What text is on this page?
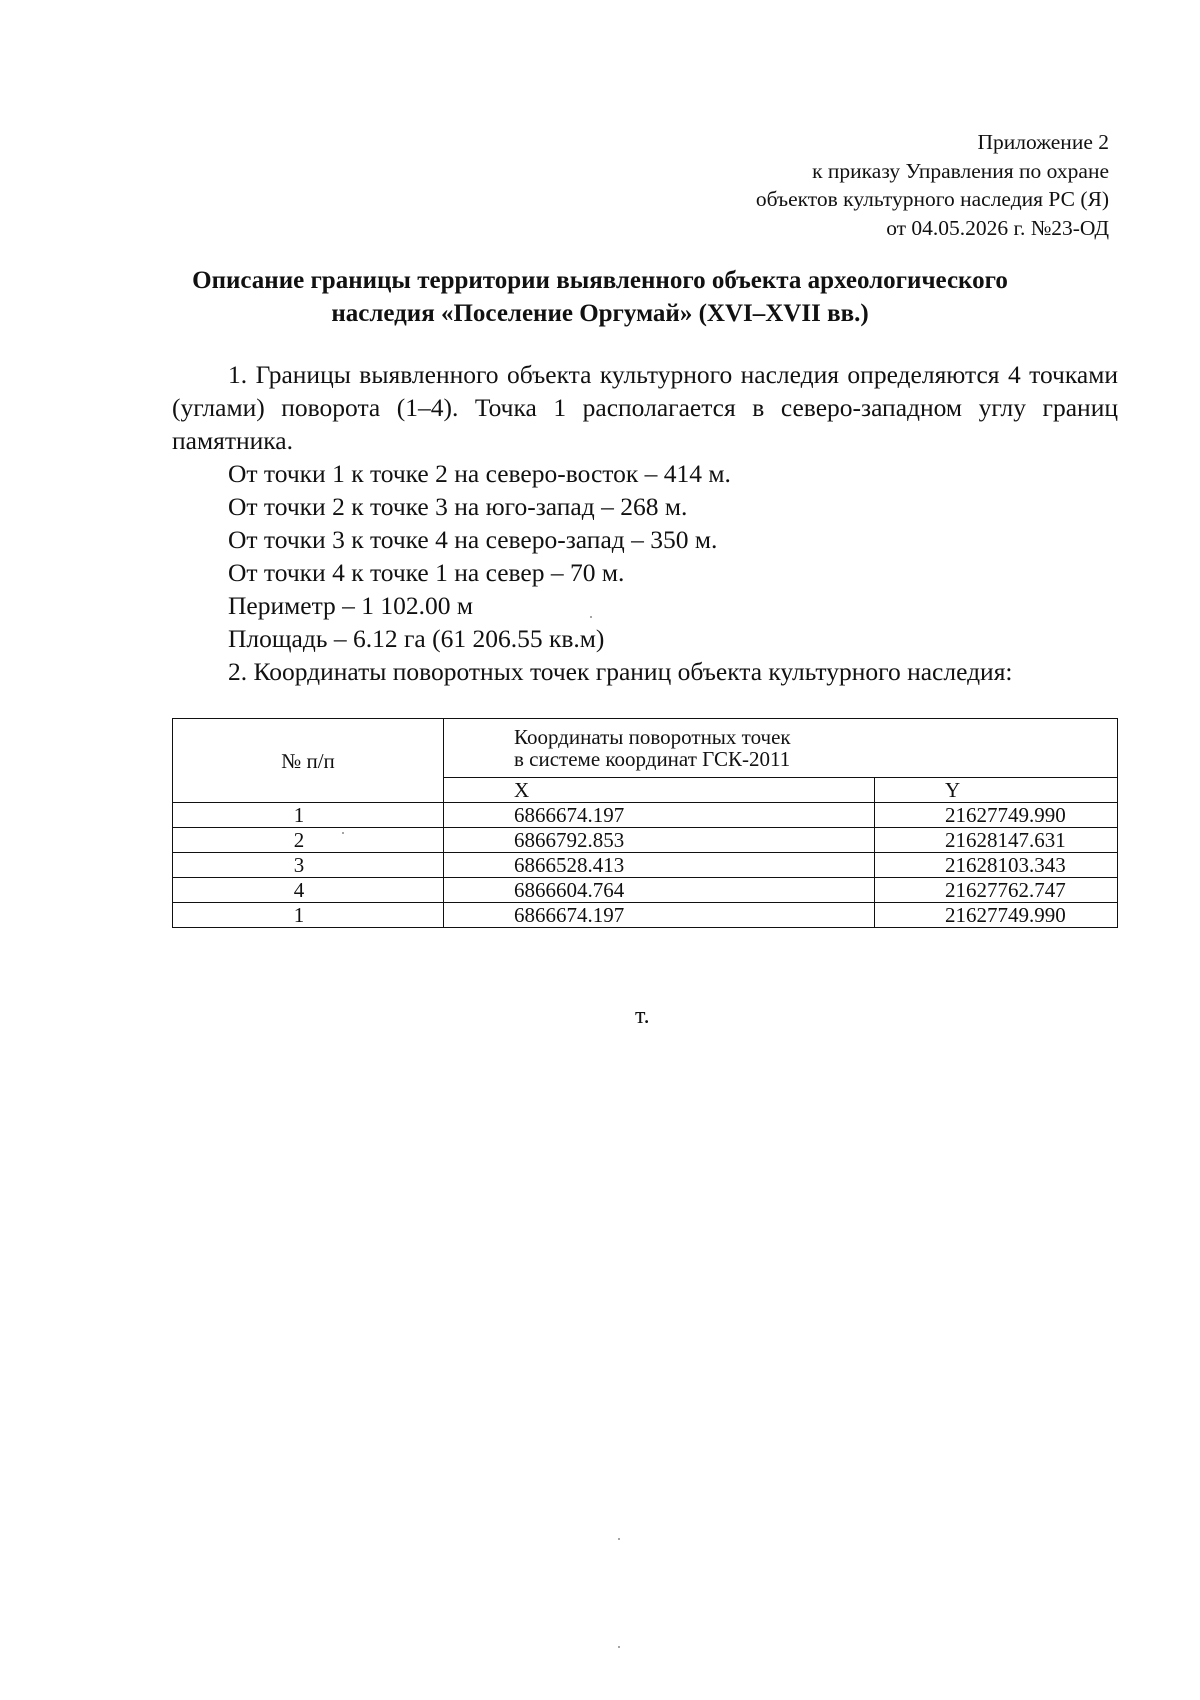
Приложение 2
к приказу Управления по охране
объектов культурного наследия РС (Я)
от 04.05.2026 г. №23-ОД
Описание границы территории выявленного объекта археологического
наследия «Поселение Оргумай» (XVI–XVII вв.)

1. Границы выявленного объекта культурного наследия определяются 4 точками (углами) поворота (1–4). Точка 1 располагается в северо-западном углу границ памятника.

От точки 1 к точке 2 на северо-восток – 414 м.

От точки 2 к точке 3 на юго-запад – 268 м.

От точки 3 к точке 4 на северо-запад – 350 м.

От точки 4 к точке 1 на север – 70 м.

Периметр – 1 102.00 м

Площадь – 6.12 га (61 206.55 кв.м)

2. Координаты поворотных точек границ объекта культурного наследия:

№ п/п	Координаты поворотных точек
в системе координат ГСК-2011	

	X	Y
1	6866674.197	21627749.990
2	6866792.853	21628147.631
3	6866528.413	21628103.343
4	6866604.764	21627762.747
1	6866674.197	21627749.990
т.
